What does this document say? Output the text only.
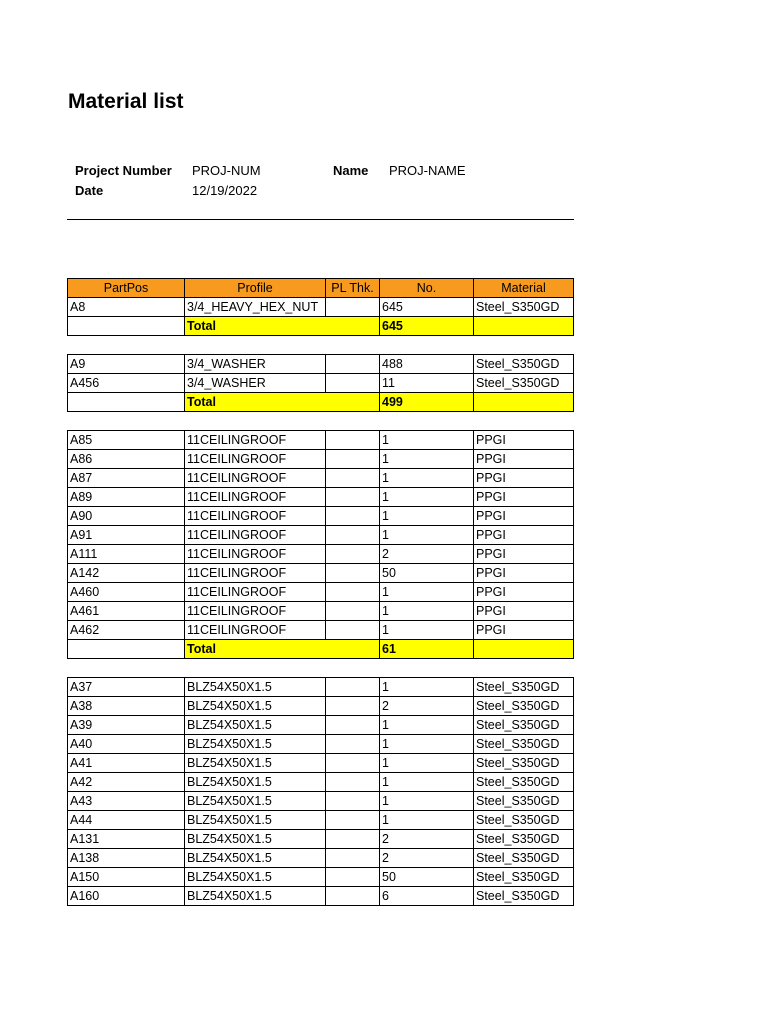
Material list
Project Number PROJ-NUM
Date	12/19/2022
Name PROJ-NAME
PartPos	Profile	PL Thk.	No.	Material
A8	3/4_HEAVY_HEX_NUT		645	Steel_S350GD
	Total		645	

A9	3/4_WASHER		488	Steel_S350GD
A456	3/4_WASHER		11	Steel_S350GD
	Total		499	

A85	11CEILINGROOF		1	PPGI
A86	11CEILINGROOF		1	PPGI
A87	11CEILINGROOF		1	PPGI
A89	11CEILINGROOF		1	PPGI
A90	11CEILINGROOF		1	PPGI
A91	11CEILINGROOF		1	PPGI
A111	11CEILINGROOF		2	PPGI
A142	11CEILINGROOF		50	PPGI
A460	11CEILINGROOF		1	PPGI
A461	11CEILINGROOF		1	PPGI
A462	11CEILINGROOF		1	PPGI
	Total		61	

A37	BLZ54X50X1.5		1	Steel_S350GD
A38	BLZ54X50X1.5		2	Steel_S350GD
A39	BLZ54X50X1.5		1	Steel_S350GD
A40	BLZ54X50X1.5		1	Steel_S350GD
A41	BLZ54X50X1.5		1	Steel_S350GD
A42	BLZ54X50X1.5		1	Steel_S350GD
A43	BLZ54X50X1.5		1	Steel_S350GD
A44	BLZ54X50X1.5		1	Steel_S350GD
A131	BLZ54X50X1.5		2	Steel_S350GD
A138	BLZ54X50X1.5		2	Steel_S350GD
A150	BLZ54X50X1.5		50	Steel_S350GD
A160	BLZ54X50X1.5		6	Steel_S350GD
